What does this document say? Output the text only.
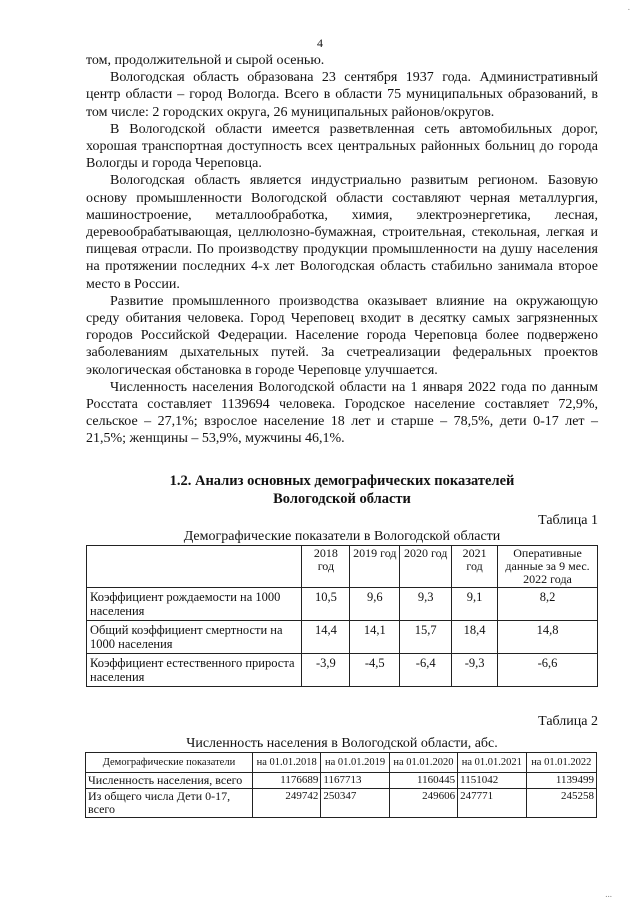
.
4

том, продолжительной и сырой осенью.

Вологодская область образована 23 сентября 1937 года. Административный центр области – город Вологда. Всего в области 75 муниципальных образований, в том числе: 2 городских округа, 26 муниципальных районов/округов.

В Вологодской области имеется разветвленная сеть автомобильных дорог, хорошая транспортная доступность всех центральных районных больниц до города Вологды и города Череповца.

Вологодская область является индустриально развитым регионом. Базовую основу промышленности Вологодской области составляют черная металлургия, машиностроение, металлообработка, химия, электроэнергетика, лесная, деревообрабатывающая, целлюлозно-бумажная, строительная, стекольная, легкая и пищевая отрасли. По производству продукции промышленности на душу населения на протяжении последних 4-х лет Вологодская область стабильно занимала второе место в России.

Развитие промышленного производства оказывает влияние на окружающую среду обитания человека. Город Череповец входит в десятку самых загрязненных городов Российской Федерации. Население города Череповца более подвержено заболеваниям дыхательных путей. За счетреализации федеральных проектов экологическая обстановка в городе Череповце улучшается.

Численность населения Вологодской области на 1 января 2022 года по данным Росстата составляет 1139694 человека. Городское население составляет 72,9%, сельское – 27,1%; взрослое население 18 лет и старше – 78,5%, дети 0-17 лет – 21,5%; женщины – 53,9%, мужчины 46,1%.

1.2. Анализ основных демографических показателей
Вологодской области
Таблица 1
Демографические показатели в Вологодской области
	2018 год	2019 год	2020 год	2021 год	Оперативные данные за 9 мес. 2022 года
Коэффициент рождаемости на 1000 населения	10,5	9,6	9,3	9,1	8,2
Общий коэффициент смертности на 1000 населения	14,4	14,1	15,7	18,4	14,8
Коэффициент естественного прироста населения	-3,9	-4,5	-6,4	-9,3	-6,6
Таблица 2
Численность населения в Вологодской области, абс.
Демографические показатели	на 01.01.2018	на 01.01.2019	на 01.01.2020	на 01.01.2021	на 01.01.2022
Численность населения, всего	1176689	1167713	1160445	1151042	1139499
Из общего числа Дети 0-17, всего	249742	250347	249606	247771	245258
...
